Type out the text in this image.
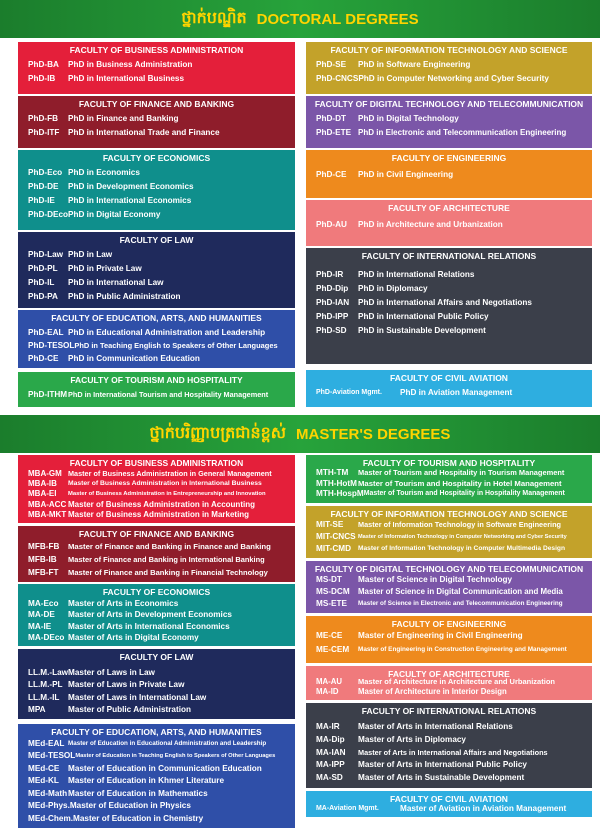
ថ្នាក់បណ្ឌិត DOCTORAL DEGREES
FACULTY OF BUSINESS ADMINISTRATION
PhD-BA	PhD in Business Administration
PhD-IB	PhD in International Business
FACULTY OF FINANCE AND BANKING
PhD-FB	PhD in Finance and Banking
PhD-ITF	PhD in International Trade and Finance
FACULTY OF ECONOMICS
PhD-Eco PhD in Economics
PhD-DE	PhD in Development Economics
PhD-IE	PhD in International Economics
PhD-DEco PhD in Digital Economy
FACULTY OF LAW
PhD-Law PhD in Law
PhD-PL	PhD in Private Law
PhD-IL	PhD in International Law
PhD-PA	PhD in Public Administration
FACULTY OF EDUCATION, ARTS, AND HUMANITIES
PhD-EAL PhD in Educational Administration and Leadership
PhD-TESOL PhD in Teaching English to Speakers of Other Languages
PhD-CE	PhD in Communication Education
FACULTY OF TOURISM AND HOSPITALITY
PhD-ITHM PhD in International Tourism and Hospitality Management
FACULTY OF INFORMATION TECHNOLOGY AND SCIENCE
PhD-SE	PhD in Software Engineering
PhD-CNCS PhD in Computer Networking and Cyber Security
FACULTY OF DIGITAL TECHNOLOGY AND TELECOMMUNICATION
PhD-DT	PhD in Digital Technology
PhD-ETE PhD in Electronic and Telecommunication Engineering
FACULTY OF ENGINEERING
PhD-CE	PhD in Civil Engineering
FACULTY OF ARCHITECTURE
PhD-AU	PhD in Architecture and Urbanization
FACULTY OF INTERNATIONAL RELATIONS
PhD-IR	PhD in International Relations
PhD-Dip	PhD in Diplomacy
PhD-IAN	PhD in International Affairs and Negotiations
PhD-IPP	PhD in International Public Policy
PhD-SD	PhD in Sustainable Development
FACULTY OF CIVIL AVIATION
PhD-Aviation Mgmt.	PhD in Aviation Management
ថ្នាក់បរិញ្ញាបត្រជាន់ខ្ពស់ MASTER'S DEGREES
FACULTY OF BUSINESS ADMINISTRATION
MBA-GM Master of Business Administration in General Management
MBA-IB	Master of Business Administration in International Business
MBA-EI	Master of Business Administration in Entrepreneurship and Innovation
MBA-ACC Master of Business Administration in Accounting
MBA-MKT Master of Business Administration in Marketing
FACULTY OF FINANCE AND BANKING
MFB-FB	Master of Finance and Banking in Finance and Banking
MFB-IB	Master of Finance and Banking in International Banking
MFB-FT	Master of Finance and Banking in Financial Technology
FACULTY OF ECONOMICS
MA-Eco	Master of Arts in Economics
MA-DE	Master of Arts in Development Economics
MA-IE	Master of Arts in International Economics
MA-DEco Master of Arts in Digital Economy
FACULTY OF LAW
LL.M.-Law Master of Laws in Law
LL.M.-PL Master of Laws in Private Law
LL.M.-IL	Master of Laws in International Law
MPA	Master of Public Administration
FACULTY OF EDUCATION, ARTS, AND HUMANITIES
MEd-EAL Master of Education in Educational Administration and Leadership
MEd-TESOL Master of Education in Teaching English to Speakers of Other Languages
MEd-CE	Master of Education in Communication Education
MEd-KL	Master of Education in Khmer Literature
MEd-Math Master of Education in Mathematics
MEd-Phys. Master of Education in Physics
MEd-Chem. Master of Education in Chemistry
FACULTY OF TOURISM AND HOSPITALITY
MTH-TM	Master of Tourism and Hospitality in Tourism Management
MTH-HotM Master of Tourism and Hospitality in Hotel Management
MTH-HospM Master of Tourism and Hospitality in Hospitality Management
FACULTY OF INFORMATION TECHNOLOGY AND SCIENCE
MIT-SE	Master of Information Technology in Software Engineering
MIT-CNCS Master of Information Technology in Computer Networking and Cyber Security
MIT-CMD	Master of Information Technology in Computer Multimedia Design
FACULTY OF DIGITAL TECHNOLOGY AND TELECOMMUNICATION
MS-DT	Master of Science in Digital Technology
MS-DCM	Master of Science in Digital Communication and Media
MS-ETE	Master of Science in Electronic and Telecommunication Engineering
FACULTY OF ENGINEERING
ME-CE	Master of Engineering in Civil Engineering
ME-CEM	Master of Engineering in Construction Engineering and Management
FACULTY OF ARCHITECTURE
MA-AU	Master of Architecture in Architecture and Urbanization
MA-ID	Master of Architecture in Interior Design
FACULTY OF INTERNATIONAL RELATIONS
MA-IR	Master of Arts in International Relations
MA-Dip	Master of Arts in Diplomacy
MA-IAN	Master of Arts in International Affairs and Negotiations
MA-IPP	Master of Arts in International Public Policy
MA-SD	Master of Arts in Sustainable Development
FACULTY OF CIVIL AVIATION
MA-Aviation Mgmt.	Master of Aviation in Aviation Management
